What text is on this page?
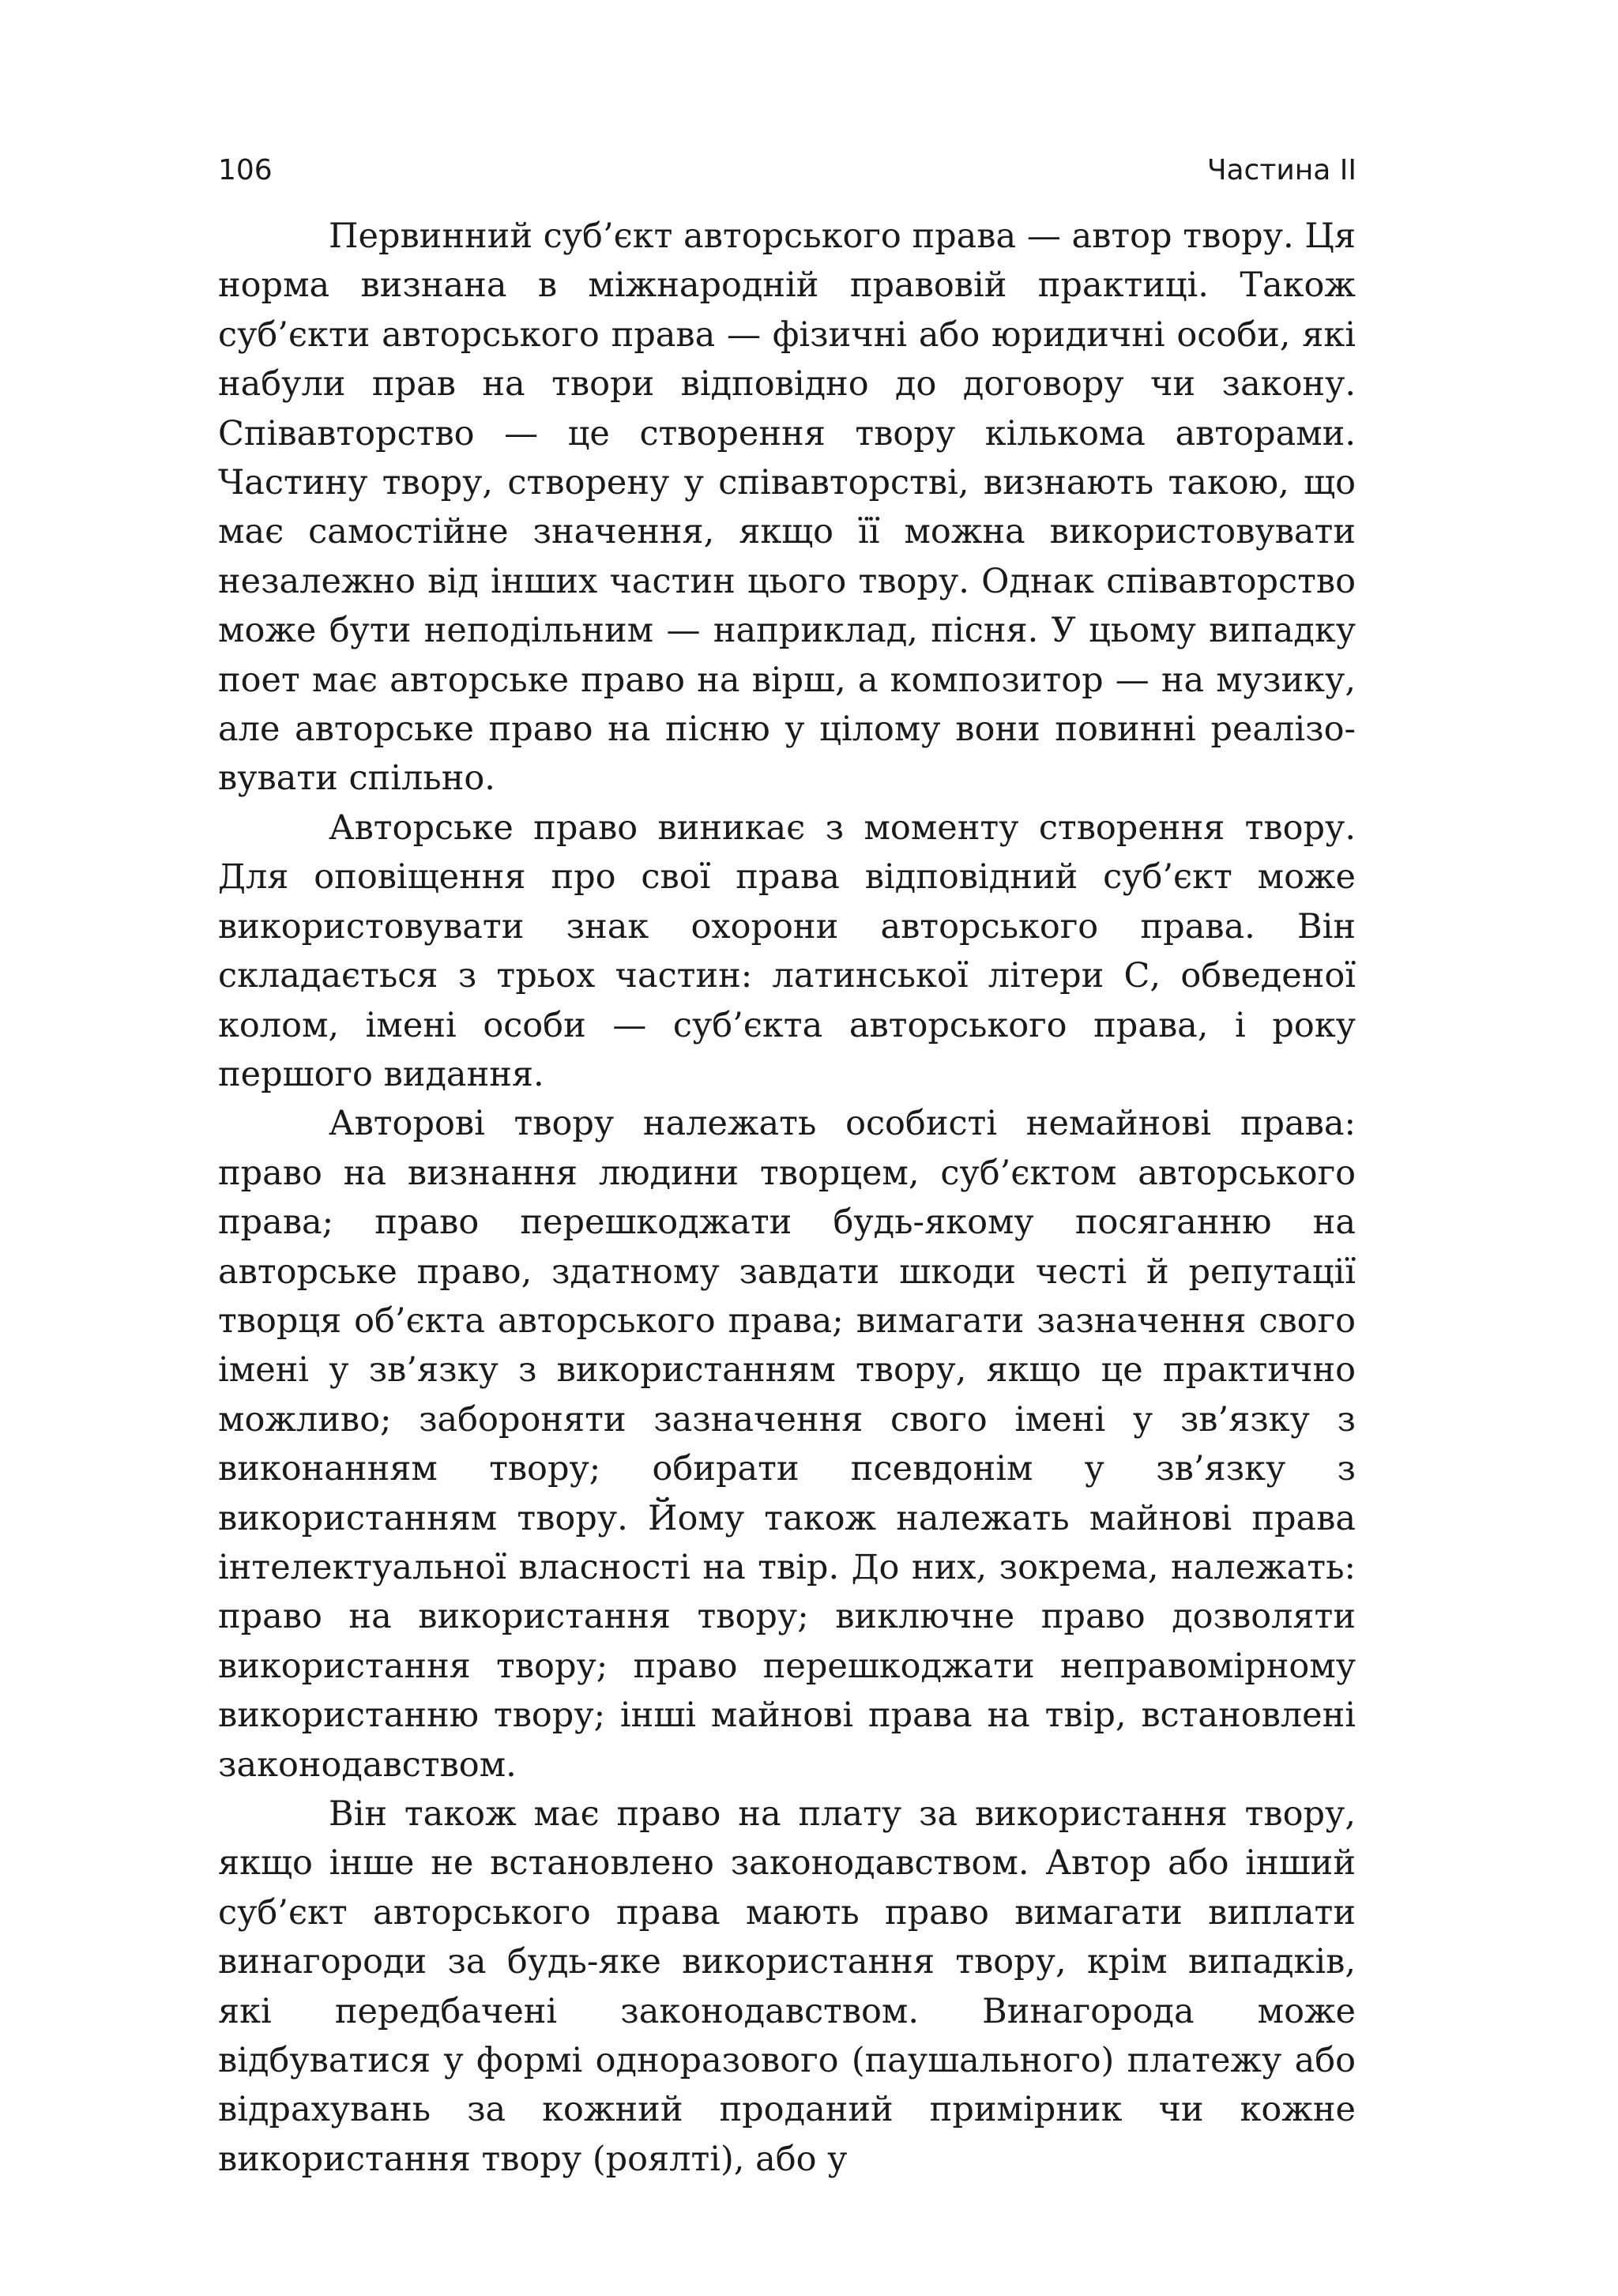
106	Частина ІІ

Первинний суб’єкт авторського права — автор твору. Ця норма визнана в міжнародній правовій практиці. Також суб’єкти авторського права — фізичні або юридичні особи, які набули прав на твори відповідно до договору чи закону. Співавторство — це створення твору кількома авторами. Частину твору, створену у співавторстві, визнають такою, що має самостійне значення, якщо її можна використовувати незалежно від інших частин цього твору. Однак співавторство може бути неподільним — наприклад, пісня. У цьому випадку поет має авторське право на вірш, а композитор — на музику, але авторське право на пісню у цілому вони повинні реалізовувати спільно.

Авторське право виникає з моменту створення твору. Для оповіщення про свої права відповідний суб’єкт може використовувати знак охорони авторського права. Він складається з трьох частин: латинської літери С, обведеної колом, імені особи — суб’єкта авторського права, і року першого видання.

Авторові твору належать особисті немайнові права: право на визнання людини творцем, суб’єктом авторського права; право перешкоджати будь-якому посяганню на авторське право, здатному завдати шкоди честі й репутації творця об’єкта авторського права; вимагати зазначення свого імені у зв’язку з використанням твору, якщо це практично можливо; забороняти зазначення свого імені у зв’язку з виконанням твору; обирати псевдонім у зв’язку з використанням твору. Йому також належать майнові права інтелектуальної власності на твір. До них, зокрема, належать: право на використання твору; виключне право дозволяти використання твору; право перешкоджати неправомірному використанню твору; інші майнові права на твір, встановлені законодавством.

Він також має право на плату за використання твору, якщо інше не встановлено законодавством. Автор або інший суб’єкт авторського права мають право вимагати виплати винагороди за будь-яке використання твору, крім випадків, які передбачені законодавством. Винагорода може відбуватися у формі одноразового (паушального) платежу або відрахувань за кожний проданий примірник чи кожне використання твору (роялті), або у
